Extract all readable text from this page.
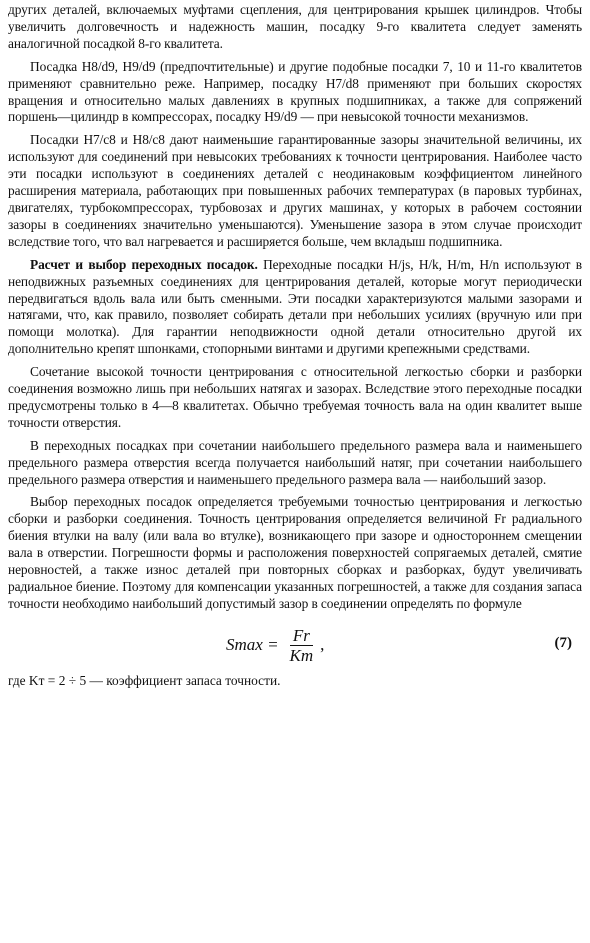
других деталей, включаемых муфтами сцепления, для центрирования крышек цилиндров. Чтобы увеличить долговечность и надежность машин, посадку 9-го квалитета следует заменять аналогичной посадкой 8-го квалитета.

Посадка H8/d9, H9/d9 (предпочтительные) и другие подобные посадки 7, 10 и 11-го квалитетов применяют сравнительно реже. Например, посадку H7/d8 применяют при больших скоростях вращения и относительно малых давлениях в крупных подшипниках, а также для сопряжений поршень—цилиндр в компрессорах, посадку H9/d9 — при невысокой точности механизмов.

Посадки H7/c8 и H8/c8 дают наименьшие гарантированные зазоры значительной величины, их используют для соединений при невысоких требованиях к точности центрирования. Наиболее часто эти посадки используют в соединениях деталей с неодинаковым коэффициентом линейного расширения материала, работающих при повышенных рабочих температурах (в паровых турбинах, двигателях, турбокомпрессорах, турбовозах и других машинах, у которых в рабочем состоянии зазоры в соединениях значительно уменьшаются). Уменьшение зазора в этом случае происходит вследствие того, что вал нагревается и расширяется больше, чем вкладыш подшипника.

Расчет и выбор переходных посадок. Переходные посадки H/js, H/k, H/m, H/n используют в неподвижных разъемных соединениях для центрирования деталей, которые могут периодически передвигаться вдоль вала или быть сменными. Эти посадки характеризуются малыми зазорами и натягами, что, как правило, позволяет собирать детали при небольших усилиях (вручную или при помощи молотка). Для гарантии неподвижности одной детали относительно другой их дополнительно крепят шпонками, стопорными винтами и другими крепежными средствами.

Сочетание высокой точности центрирования с относительной легкостью сборки и разборки соединения возможно лишь при небольших натягах и зазорах. Вследствие этого переходные посадки предусмотрены только в 4—8 квалитетах. Обычно требуемая точность вала на один квалитет выше точности отверстия.

В переходных посадках при сочетании наибольшего предельного размера вала и наименьшего предельного размера отверстия всегда получается наибольший натяг, при сочетании наибольшего предельного размера отверстия и наименьшего предельного размера вала — наибольший зазор.

Выбор переходных посадок определяется требуемыми точностью центрирования и легкостью сборки и разборки соединения. Точность центрирования определяется величиной Fr радиального биения втулки на валу (или вала во втулке), возникающего при зазоре и одностороннем смещении вала в отверстии. Погрешности формы и расположения поверхностей сопрягаемых деталей, смятие неровностей, а также износ деталей при повторных сборках и разборках, будут увеличивать радиальное биение. Поэтому для компенсации указанных погрешностей, а также для создания запаса точности необходимо наибольший допустимый зазор в соединении определять по формуле

$Smax = \frac{Fr}{Kт}$ ,	(7)

где Kт = 2 ÷ 5 — коэффициент запаса точности.
